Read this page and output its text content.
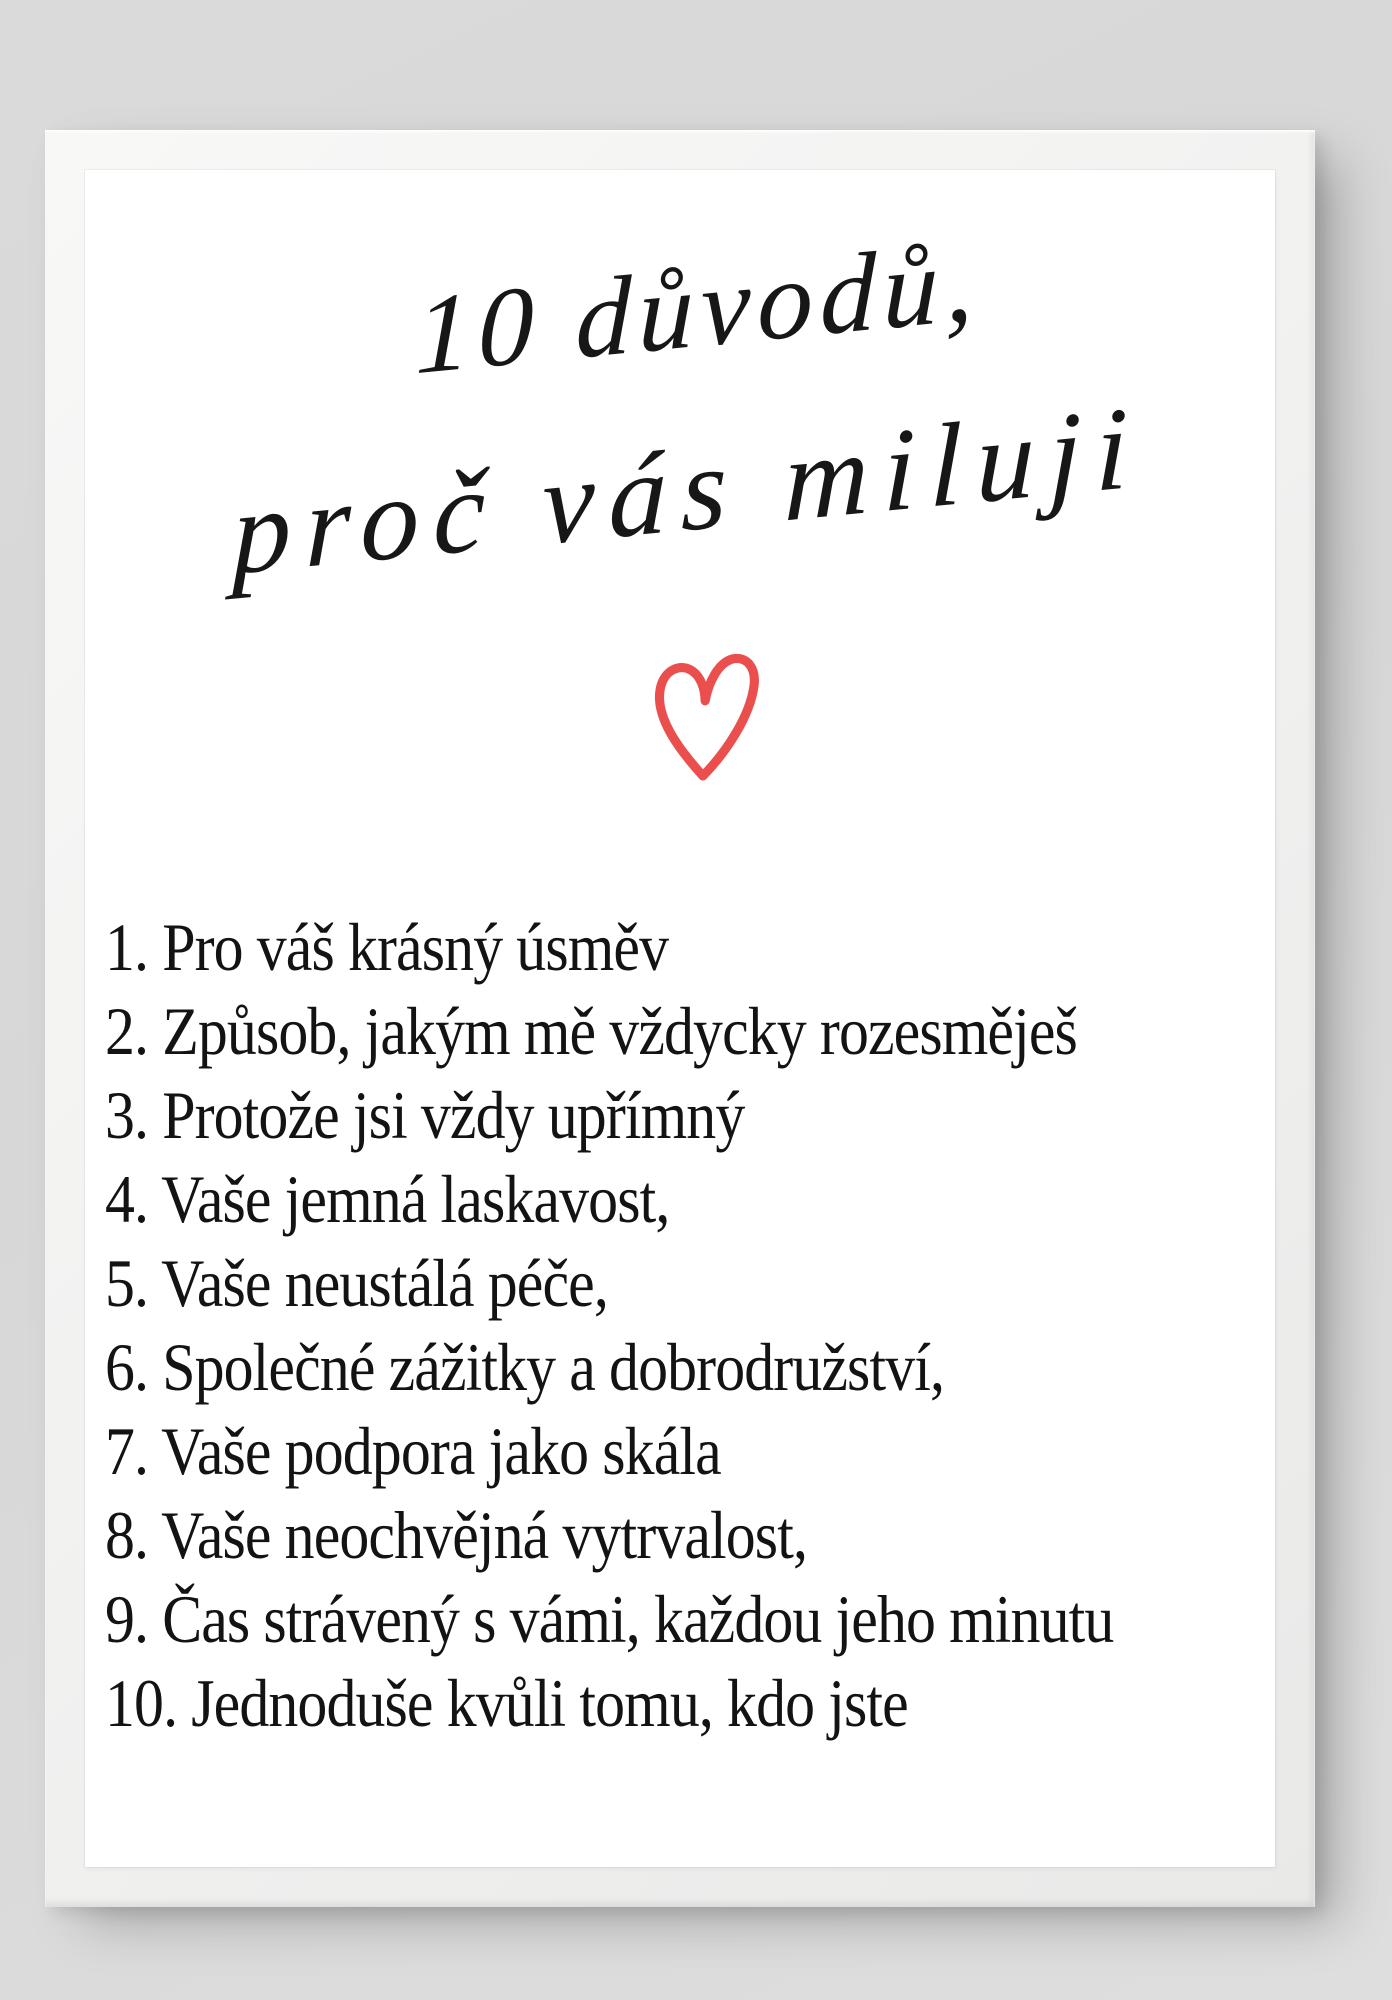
10 důvodů,
proč vás miluji
1. Pro váš krásný úsměv
2. Způsob, jakým mě vždycky rozesměješ
3. Protože jsi vždy upřímný
4. Vaše jemná laskavost,
5. Vaše neustálá péče,
6. Společné zážitky a dobrodružství,
7. Vaše podpora jako skála
8. Vaše neochvějná vytrvalost,
9. Čas strávený s vámi, každou jeho minutu
10. Jednoduše kvůli tomu, kdo jste
